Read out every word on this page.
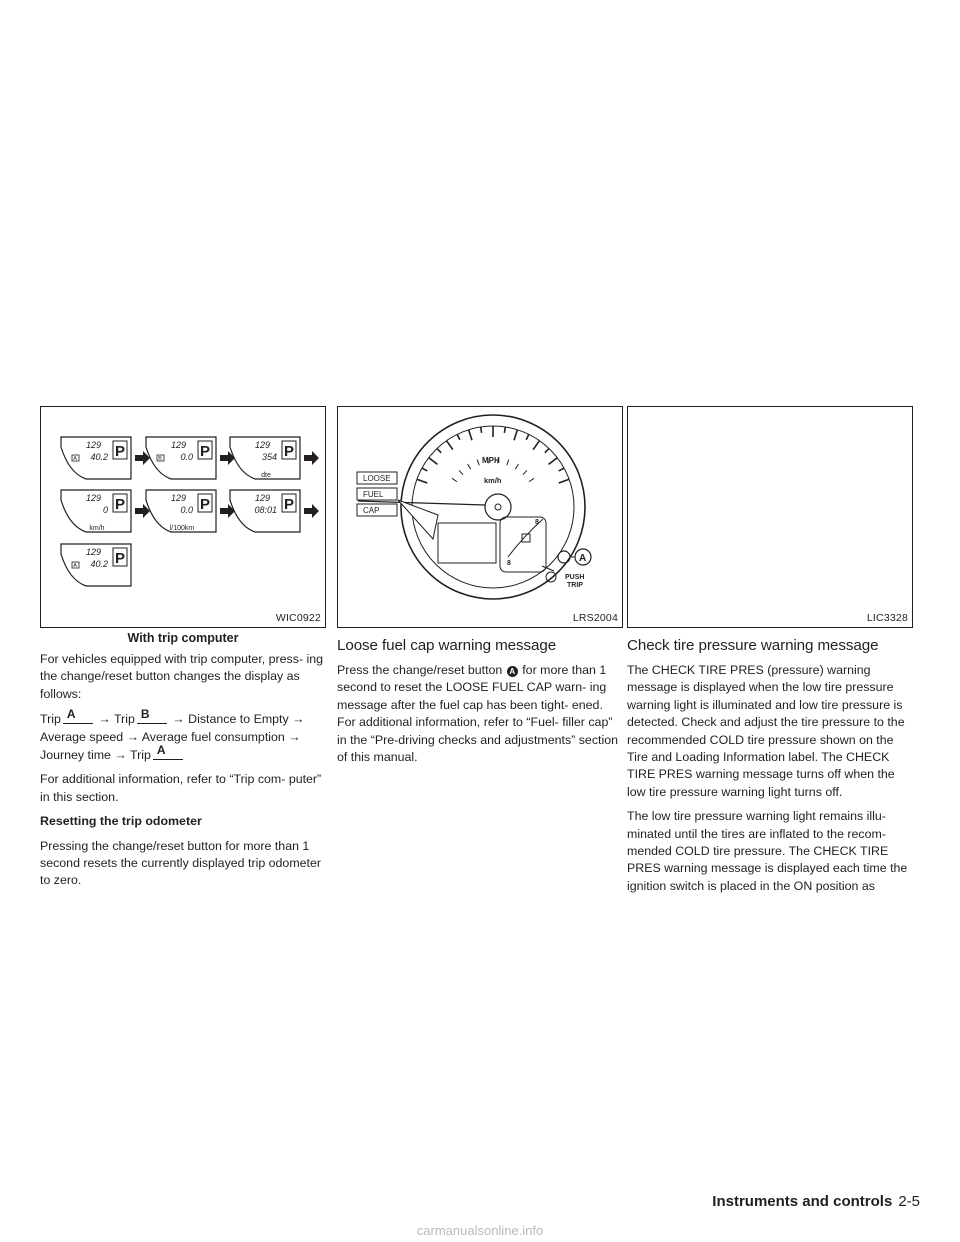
129
40.2 P
A
129
0.0 P
B
129
354 P
dte
129
0 P
km/h
129
0.0 P
l/100km
129
08:01 P
129
40.2 P
A
WIC0922
With trip computer

For vehicles equipped with trip computer, press- ing the change/reset button changes the display as follows:

Trip A → Trip B → Distance to Empty → Average speed → Average fuel consumption → Journey time → Trip A

For additional information, refer to “Trip com- puter” in this section.

Resetting the trip odometer

Pressing the change/reset button for more than 1 second resets the currently displayed trip odometer to zero.

LOOSE
FUEL
CAP
MPH
km/h
A
PUSH
TRIP
8
8
LRS2004
Loose fuel cap warning message

Press the change/reset button A for more than 1 second to reset the LOOSE FUEL CAP warn- ing message after the fuel cap has been tight- ened. For additional information, refer to “Fuel- filler cap” in the “Pre-driving checks and adjustments” section of this manual.

LIC3328
Check tire pressure warning message

The CHECK TIRE PRES (pressure) warning message is displayed when the low tire pressure warning light is illuminated and low tire pressure is detected. Check and adjust the tire pressure to the recommended COLD tire pressure shown on the Tire and Loading Information label. The CHECK TIRE PRES warning message turns off when the low tire pressure warning light turns off.

The low tire pressure warning light remains illu- minated until the tires are inflated to the recom- mended COLD tire pressure. The CHECK TIRE PRES warning message is displayed each time the ignition switch is placed in the ON position as

Instruments and controls 2-5
carmanualsonline.info
